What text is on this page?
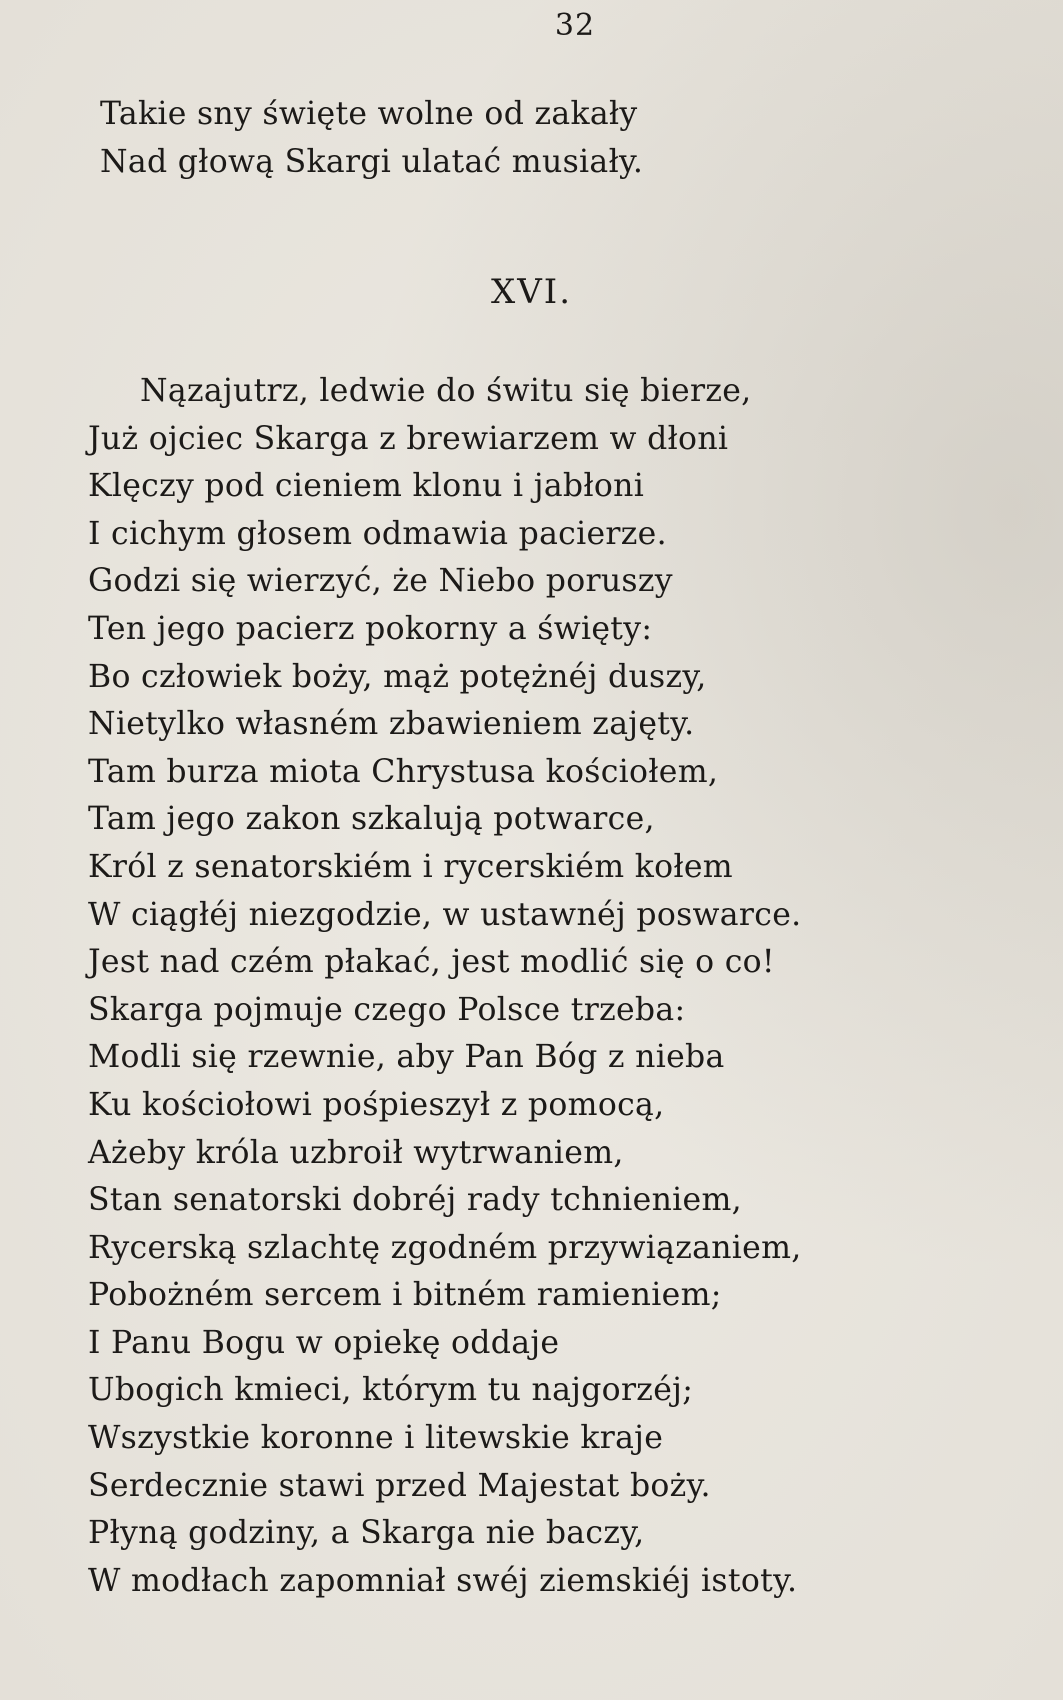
32
Takie sny święte wolne od zakały
Nad głową Skargi ulatać musiały.
XVI.
Nązajutrz, ledwie do świtu się bierze,
Już ojciec Skarga z brewiarzem w dłoni
Klęczy pod cieniem klonu i jabłoni
I cichym głosem odmawia pacierze.
Godzi się wierzyć, że Niebo poruszy
Ten jego pacierz pokorny a święty:
Bo człowiek boży, mąż potężnéj duszy,
Nietylko własném zbawieniem zajęty.
Tam burza miota Chrystusa kościołem,
Tam jego zakon szkalują potwarce,
Król z senatorskiém i rycerskiém kołem
W ciągłéj niezgodzie, w ustawnéj poswarce.
Jest nad czém płakać, jest modlić się o co!
Skarga pojmuje czego Polsce trzeba:
Modli się rzewnie, aby Pan Bóg z nieba
Ku kościołowi pośpieszył z pomocą,
Ażeby króla uzbroił wytrwaniem,
Stan senatorski dobréj rady tchnieniem,
Rycerską szlachtę zgodném przywiązaniem,
Pobożném sercem i bitném ramieniem;
I Panu Bogu w opiekę oddaje
Ubogich kmieci, którym tu najgorzéj;
Wszystkie koronne i litewskie kraje
Serdecznie stawi przed Majestat boży.
Płyną godziny, a Skarga nie baczy,
W modłach zapomniał swéj ziemskiéj istoty.
